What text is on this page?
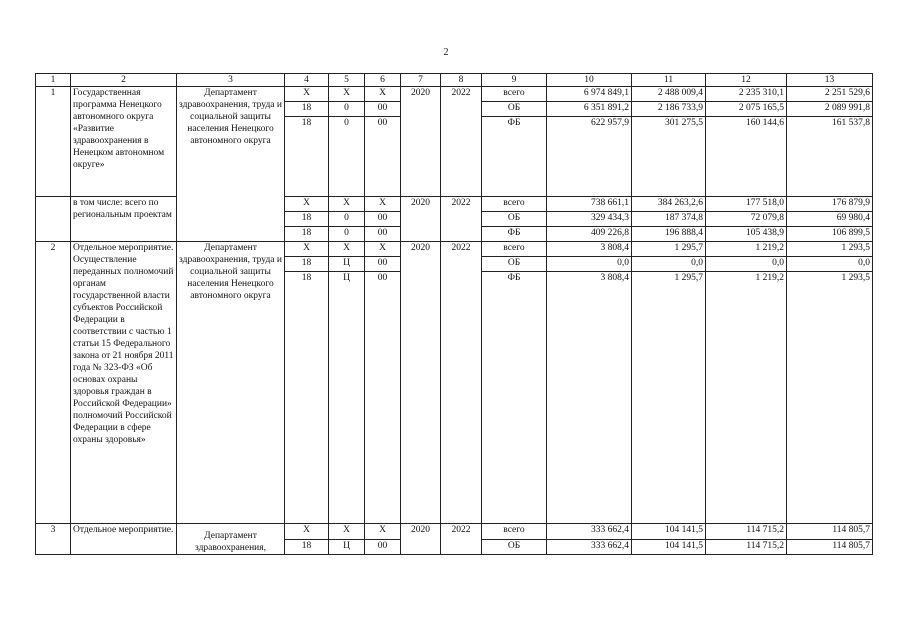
2
1	2	3	4	5	6	7	8	9	10	11	12	13
1	Государственная программа Ненецкого автономного округа «Развитие здравоохранения в Ненецком автономном округе»	Департамент здравоохранения, труда и социальной защиты населения Ненецкого автономного округа	Х	Х	Х	2020	2022	всего	6 974 849,1	2 488 009,4	2 235 310,1	2 251 529,6
			18	0	00			ОБ	6 351 891,2	2 186 733,9	2 075 165,5	2 089 991,8
			18	0	00			ФБ	622 957,9	301 275,5	160 144,6	161 537,8
	в том числе: всего по региональным проектам		Х	Х	Х	2020	2022	всего	738 661,1	384 263,2,6	177 518,0	176 879,9
			18	0	00			ОБ	329 434,3	187 374,8	72 079,8	69 980,4
			18	0	00			ФБ	409 226,8	196 888,4	105 438,9	106 899,5
2	Отдельное мероприятие. Осуществление переданных полномочий органам государственной власти субъектов Российской Федерации в соответствии с частью 1 статьи 15 Федерального закона от 21 ноября 2011 года № 323-ФЗ «Об основах охраны здоровья граждан в Российской Федерации» полномочий Российской Федерации в сфере охраны здоровья»	Департамент здравоохранения, труда и социальной защиты населения Ненецкого автономного округа	Х	Х	Х	2020	2022	всего	3 808,4	1 295,7	1 219,2	1 293,5
			18	Ц	00			ОБ	0,0	0,0	0,0	0,0
			18	Ц	00			ФБ	3 808,4	1 295,7	1 219,2	1 293,5
3	Отдельное мероприятие.	Департамент здравоохранения,	Х	Х	Х	2020	2022	всего	333 662,4	104 141,5	114 715,2	114 805,7
			18	Ц	00			ОБ	333 662,4	104 141,5	114 715,2	114 805,7
